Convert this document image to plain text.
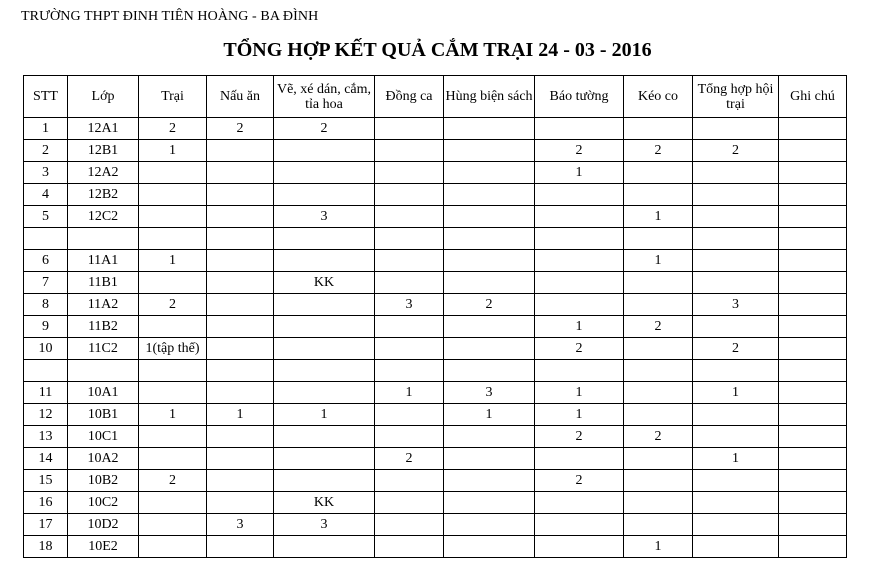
TRƯỜNG THPT ĐINH TIÊN HOÀNG - BA ĐÌNH
TỔNG HỢP KẾT QUẢ CẮM TRẠI 24 - 03 - 2016
STT	Lớp	Trại	Nấu ăn	Vẽ, xé dán, cắm, tỉa hoa	Đồng ca	Hùng biện sách	Báo tường	Kéo co	Tổng hợp hội trại	Ghi chú
1	12A1	2	2	2						
2	12B1	1					2	2	2	
3	12A2						1			
4	12B2									
5	12C2			3				1		

6	11A1	1						1		
7	11B1			KK						
8	11A2	2			3	2			3	
9	11B2						1	2		
10	11C2	1(tập thể)					2		2	

11	10A1				1	3	1		1	
12	10B1	1	1	1		1	1			
13	10C1						2	2		
14	10A2				2				1	
15	10B2	2					2			
16	10C2			KK						
17	10D2		3	3						
18	10E2							1		
